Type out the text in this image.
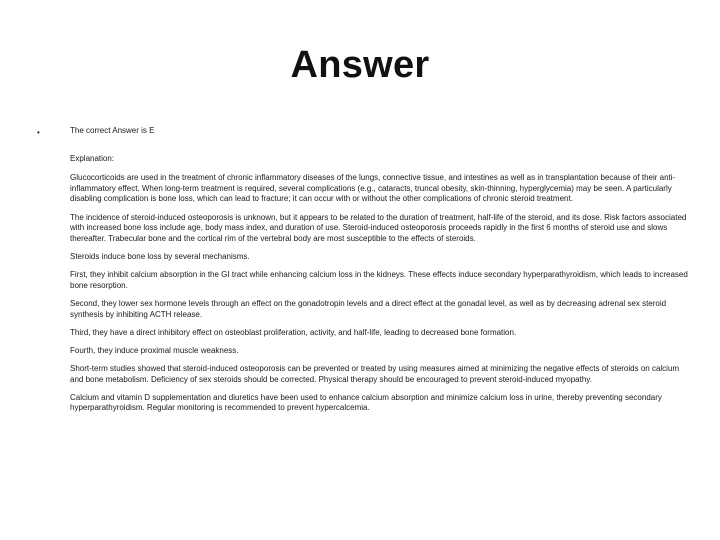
Answer
•	The correct Answer is E

Explanation:

Glucocorticoids are used in the treatment of chronic inflammatory diseases of the lungs, connective tissue, and intestines as well as in transplantation because of their anti-inflammatory effect. When long-term treatment is required, several complications (e.g., cataracts, truncal obesity, skin-thinning, hyperglycemia) may be seen. A particularly disabling complication is bone loss, which can lead to fracture; it can occur with or without the other complications of chronic steroid treatment.

The incidence of steroid-induced osteoporosis is unknown, but it appears to be related to the duration of treatment, half-life of the steroid, and its dose. Risk factors associated with increased bone loss include age, body mass index, and duration of use. Steroid-induced osteoporosis proceeds rapidly in the first 6 months of steroid use and slows thereafter. Trabecular bone and the cortical rim of the vertebral body are most susceptible to the effects of steroids.

Steroids induce bone loss by several mechanisms.

First, they inhibit calcium absorption in the GI tract while enhancing calcium loss in the kidneys. These effects induce secondary hyperparathyroidism, which leads to increased bone resorption.

Second, they lower sex hormone levels through an effect on the gonadotropin levels and a direct effect at the gonadal level, as well as by decreasing adrenal sex steroid synthesis by inhibiting ACTH release.

Third, they have a direct inhibitory effect on osteoblast proliferation, activity, and half-life, leading to decreased bone formation.

Fourth, they induce proximal muscle weakness.

Short-term studies showed that steroid-induced osteoporosis can be prevented or treated by using measures aimed at minimizing the negative effects of steroids on calcium and bone metabolism. Deficiency of sex steroids should be corrected. Physical therapy should be encouraged to prevent steroid-induced myopathy.

Calcium and vitamin D supplementation and diuretics have been used to enhance calcium absorption and minimize calcium loss in urine, thereby preventing secondary hyperparathyroidism. Regular monitoring is recommended to prevent hypercalcemia.
